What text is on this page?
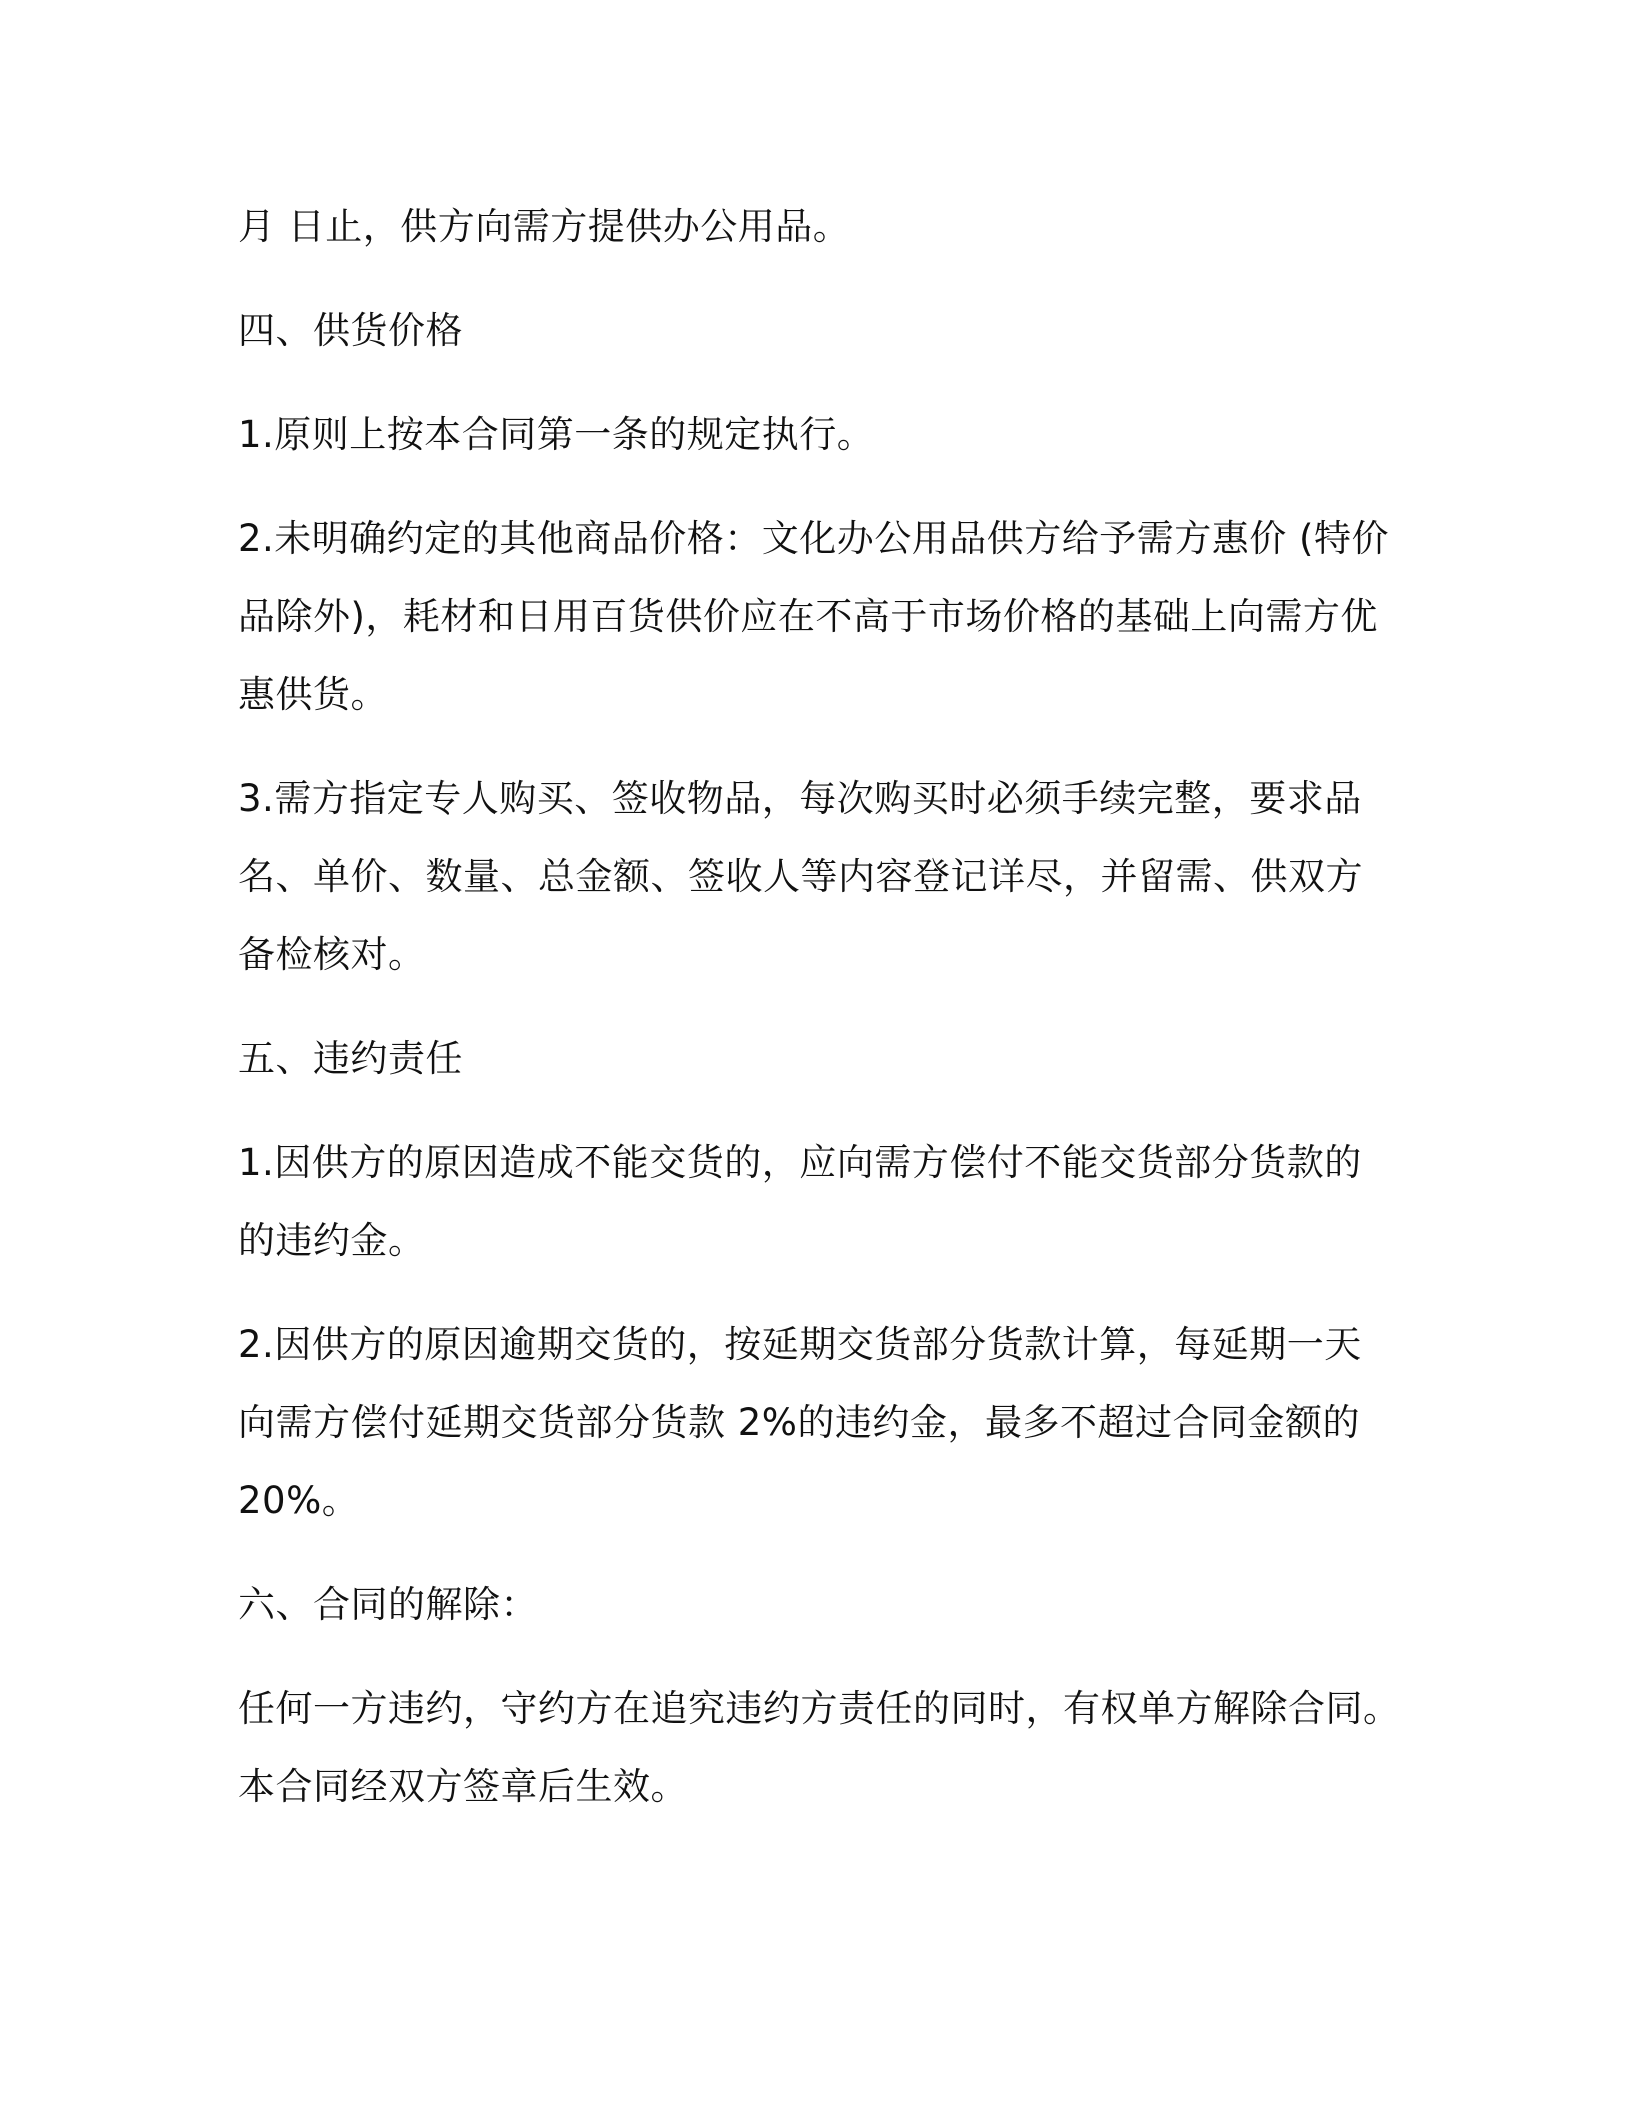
月 日止，供方向需方提供办公用品。

四、供货价格

1.原则上按本合同第一条的规定执行。

2.未明确约定的其他商品价格：文化办公用品供方给予需方惠价 (特价
品除外)，耗材和日用百货供价应在不高于市场价格的基础上向需方优
惠供货。

3.需方指定专人购买、签收物品，每次购买时必须手续完整，要求品
名、单价、数量、总金额、签收人等内容登记详尽，并留需、供双方
备检核对。

五、违约责任

1.因供方的原因造成不能交货的，应向需方偿付不能交货部分货款的
的违约金。

2.因供方的原因逾期交货的，按延期交货部分货款计算，每延期一天
向需方偿付延期交货部分货款 2%的违约金，最多不超过合同金额的
20%。

六、合同的解除：

任何一方违约，守约方在追究违约方责任的同时，有权单方解除合同。
本合同经双方签章后生效。
